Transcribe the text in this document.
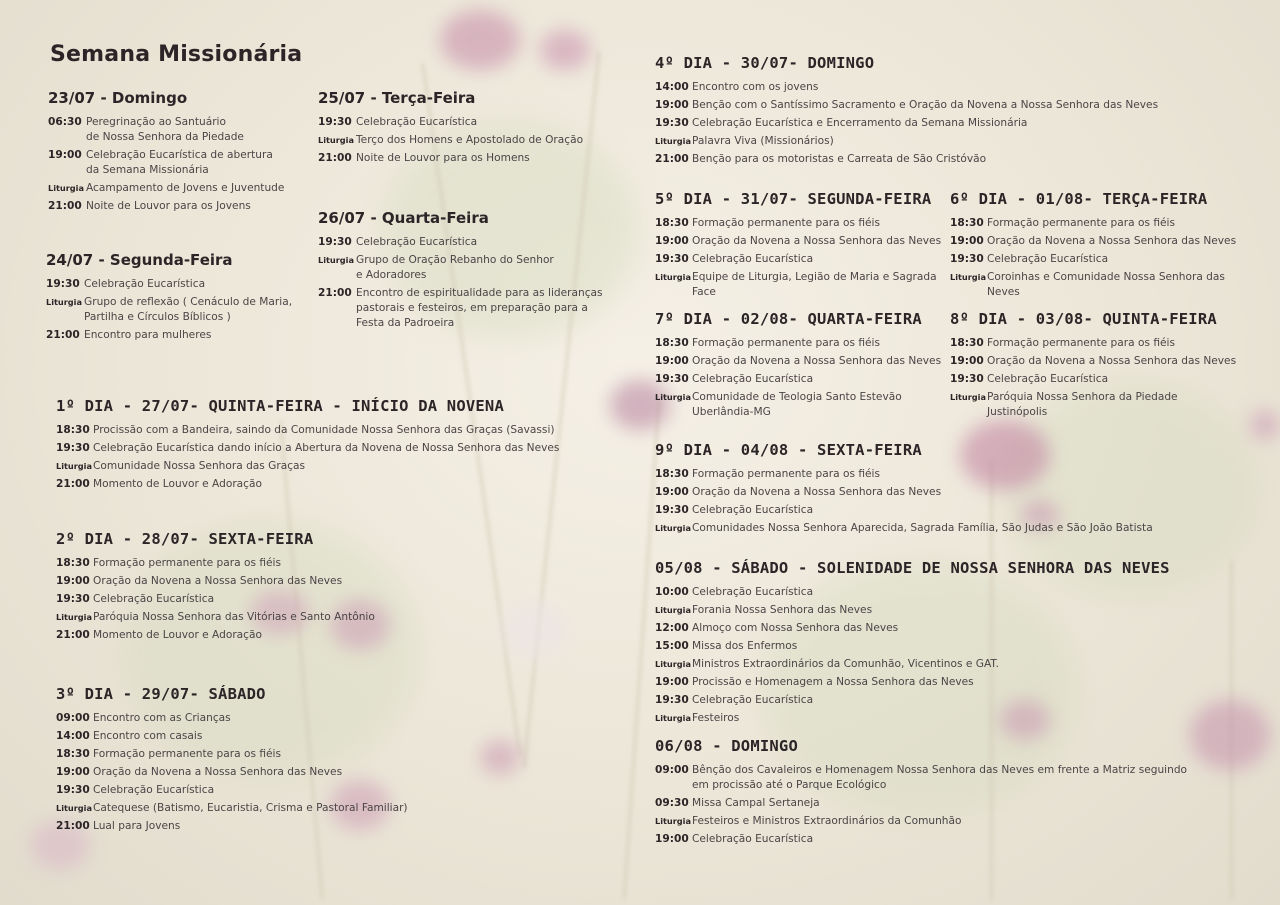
Semana Missionária
23/07 - Domingo
06:30 Peregrinação ao Santuário
de Nossa Senhora da Piedade
19:00 Celebração Eucarística de abertura
da Semana Missionária
Liturgia Acampamento de Jovens e Juventude
21:00 Noite de Louvor para os Jovens
24/07 - Segunda-Feira
19:30 Celebração Eucarística
Liturgia Grupo de reflexão ( Cenáculo de Maria,
Partilha e Círculos Bíblicos )
21:00 Encontro para mulheres
25/07 - Terça-Feira
19:30 Celebração Eucarística
Liturgia Terço dos Homens e Apostolado de Oração
21:00 Noite de Louvor para os Homens
26/07 - Quarta-Feira
19:30 Celebração Eucarística
Liturgia Grupo de Oração Rebanho do Senhor
e Adoradores
21:00 Encontro de espiritualidade para as lideranças
pastorais e festeiros, em preparação para a
Festa da Padroeira
1º DIA - 27/07- QUINTA-FEIRA - INÍCIO DA NOVENA
18:30 Procissão com a Bandeira, saindo da Comunidade Nossa Senhora das Graças (Savassi)
19:30 Celebração Eucarística dando início a Abertura da Novena de Nossa Senhora das Neves
Liturgia Comunidade Nossa Senhora das Graças
21:00 Momento de Louvor e Adoração
2º DIA - 28/07- SEXTA-FEIRA
18:30 Formação permanente para os fiéis
19:00 Oração da Novena a Nossa Senhora das Neves
19:30 Celebração Eucarística
Liturgia Paróquia Nossa Senhora das Vitórias e Santo Antônio
21:00 Momento de Louvor e Adoração
3º DIA - 29/07- SÁBADO
09:00 Encontro com as Crianças
14:00 Encontro com casais
18:30 Formação permanente para os fiéis
19:00 Oração da Novena a Nossa Senhora das Neves
19:30 Celebração Eucarística
Liturgia Catequese (Batismo, Eucaristia, Crisma e Pastoral Familiar)
21:00 Lual para Jovens
4º DIA - 30/07- DOMINGO
14:00 Encontro com os jovens
19:00 Benção com o Santíssimo Sacramento e Oração da Novena a Nossa Senhora das Neves
19:30 Celebração Eucarística e Encerramento da Semana Missionária
Liturgia Palavra Viva (Missionários)
21:00 Benção para os motoristas e Carreata de São Cristóvão
5º DIA - 31/07- SEGUNDA-FEIRA
18:30 Formação permanente para os fiéis
19:00 Oração da Novena a Nossa Senhora das Neves
19:30 Celebração Eucarística
Liturgia Equipe de Liturgia, Legião de Maria e Sagrada Face
6º DIA - 01/08- TERÇA-FEIRA
18:30 Formação permanente para os fiéis
19:00 Oração da Novena a Nossa Senhora das Neves
19:30 Celebração Eucarística
Liturgia Coroinhas e Comunidade Nossa Senhora das Neves
7º DIA - 02/08- QUARTA-FEIRA
18:30 Formação permanente para os fiéis
19:00 Oração da Novena a Nossa Senhora das Neves
19:30 Celebração Eucarística
Liturgia Comunidade de Teologia Santo Estevão
Uberlândia-MG
8º DIA - 03/08- QUINTA-FEIRA
18:30 Formação permanente para os fiéis
19:00 Oração da Novena a Nossa Senhora das Neves
19:30 Celebração Eucarística
Liturgia Paróquia Nossa Senhora da Piedade
Justinópolis
9º DIA - 04/08 - SEXTA-FEIRA
18:30 Formação permanente para os fiéis
19:00 Oração da Novena a Nossa Senhora das Neves
19:30 Celebração Eucarística
Liturgia Comunidades Nossa Senhora Aparecida, Sagrada Família, São Judas e São João Batista
05/08 - SÁBADO - SOLENIDADE DE NOSSA SENHORA DAS NEVES
10:00 Celebração Eucarística
Liturgia Forania Nossa Senhora das Neves
12:00 Almoço com Nossa Senhora das Neves
15:00 Missa dos Enfermos
Liturgia Ministros Extraordinários da Comunhão, Vicentinos e GAT.
19:00 Procissão e Homenagem a Nossa Senhora das Neves
19:30 Celebração Eucarística
Liturgia Festeiros
06/08 - DOMINGO
09:00 Bênção dos Cavaleiros e Homenagem Nossa Senhora das Neves em frente a Matriz seguindo
em procissão até o Parque Ecológico
09:30 Missa Campal Sertaneja
Liturgia Festeiros e Ministros Extraordinários da Comunhão
19:00 Celebração Eucarística
